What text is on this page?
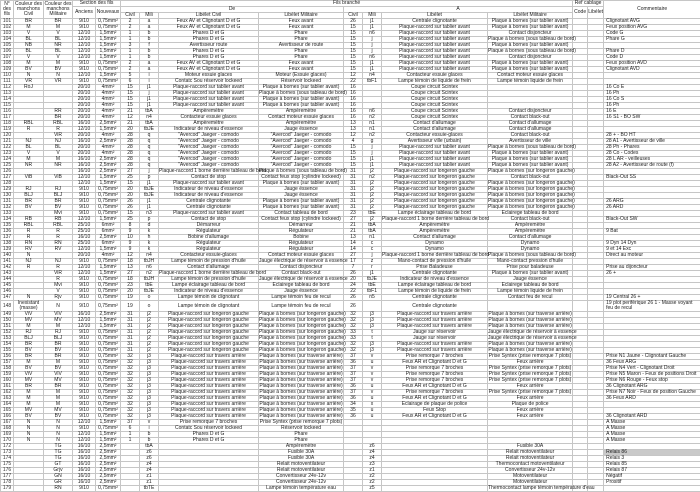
N° des fils	Couleur des manchons Civil	Couleur des manchons Militaire	Section des fils		Fils branché								Ref cablage		Commentaire
			Anciens	Nouveaux	De				A				Code	Libélet	
					Civil	Mili	Libélet Civil	Libélet Militaire	Civil	Mili	Libélet	Libélet Militaire			
101	BR	BR	9/10	0,75mm²	2	a	Feux AV et Clignotant D et G	Feux avant	26	j1	Centrale clignotante	Plaque à bornes (sur tablier avant)			Clignotant AVG
102	M	M	9/10	0,75mm²	2	a	Feux AV et Clignotant D et G	Feux avant	15	j1	Plaque-raccord sur tablier avant	Plaque à bornes (sur tablier avant)			Feux position AVG
103	V	V	12/10	1,5mm²	1	b	Phares D et G	Phare	15	n6	Plaque-raccord sur tablier avant	Contact disjoncteur			Code G
104	BL	BL	12/10	1,5mm²	1	b	Phares D et G	Phare	15	j	Plaque-raccord sur tablier avant	Plaque à bornes (sous tableau de bord)			Phare G
105	NB	NR	12/10	1,5mm²	3	f	Avertisseur route	Avertisseur de route	15	j	Plaque-raccord sur tablier avant	Plaque à bornes (sur tablier avant)			
106	BL	BL	12/10	1,5mm²	1	b	Phares D et G	Phare	15	j	Plaque-raccord sur tablier avant	Plaque à bornes (sous tableau de bord)			Phare D
107	V	V	12/10	1,5mm²	1	b	Phares D et G	Phare	15	n6	Plaque-raccord sur tablier avant	Contact disjoncteur			Code D
108	M	M	9/10	0,75mm²	2	a	Feux AV et Clignotant D et G	Feux avant	15	j1	Plaque-raccord sur tablier avant	Plaque à bornes (sur tablier avant)			Feux position AVD
109	BV	BV	9/10	0,75mm²	2	a	Feux AV et Clignotant D et G	Feux avant	15	j1	Plaque-raccord sur tablier avant	Plaque à bornes (sur tablier avant)			Clignotant AVD
110	N	N	12/10	1,5mm²	5	i	Moteur essuie glaces	Moteur (Essuie glaces)	12	n4	Contacteur essuie glaces	Contact moteur essuie glaces			
111	VR	VR	9/10	0,75mm²	6	i	Contatc Sou réservoir lockeed	Réservoir lockeed	22	tbF1	Lampe témoin de liquide de frein	Lampe témoin liquide de frein			
112	RoJ		20/10	4mm²	15	j1	Plaque-raccord sur tablier avant	Plaque à bornes (sur tablier avant)	16		Coupe circuit Scintex				16 Co E
113			20/10	4mm²	15	j	Plaque-raccord sur tablier avant	Plaque à bornes (sous tableau de bord)	16		Coupe circuit Scintex				16 Ph
114			20/10	4mm²	15	j1	Plaque-raccord sur tablier avant	Plaque à bornes (sur tablier avant)	16		Coupe circuit Scintex				16 Co S
115			20/10	4mm²	15	j1	Plaque-raccord sur tablier avant	Plaque à bornes (sur tablier avant)	16		Coupe circuit Scintex				16 Ph
116		RR	20/10	4mm²	21	tbA	Ampèremètre	Ampèremètre	16	n6	Coupe circuit Scintex	Contact disjoncteur			16 E
117		BR	20/10	4mm²	12	n4	Contacteur essuie glaces	Contact moteur essuie glaces	16	n2	Coupe circuit Scintex	Contact black-out			16 S1 - BO SW
118	RBL	RBL	16/10	2,5mm²	21	tbA	Ampèremètre	Ampèremètre	13	n1	Contact d'allumage	Contact d'allumage			
119	R	R	12/10	1,5mm²	20	tbJE	Indicateur de niveau d'essence	Jauge éssence	13	n1	Contact d'allumage	Contact d'allumage			
120		ViR	20/10	4mm²	28	q	"Avercod" Jaeger - comodo	"Avercod" Jaeger - comodo	12	n2	Contacteur essuie-glaces	Contact black-out			28 + - BO HT
121	NJ	NJ	16/10	2,5mm²	28	q	"Avercod" Jaeger - comodo	"Avercod" Jaeger - comodo	4	g	Avertisseur ville (urbain)	Avertisseur de ville			28 A1 - Avertisseur de ville
122	BL	BL	20/10	4mm²	28	q	"Avercod" Jaeger - comodo	"Avercod" Jaeger - comodo	15	j	Plaque-raccord sur tablier avant	Plaque à bornes (sous tableau de bord)			28 Ph - Phares
123	V	V	20/10	4mm²	28	q	"Avercod" Jaeger - comodo	"Avercod" Jaeger - comodo	15	j	Plaque-raccord sur tablier avant	Plaque à bornes (sur tablier avant)			28 Co - Codes
124	M	M	16/10	2,5mm²	28	q	"Avercod" Jaeger - comodo	"Avercod" Jaeger - comodo	15	j1	Plaque-raccord sur tablier avant	Plaque à bornes (sur tablier avant)			28 L AR - veilleuses
125	NR	NR	16/10	2,5mm²	28	q	"Avercod" Jaeger - comodo	"Avercod" Jaeger - comodo	15	j1	Plaque-raccord sur tablier avant	Plaque à bornes (sur tablier avant)			28 A2 - Avertisseur de route (f)
126			16/10	2,5mm²	27	j	Plaque-raccord 1 borne derrière tableau de bord	Plaque à bornes (sous tableau de bord)	31	j2	Plaque-raccord sur longeron gauche	Plaque à bornes (sur longeron gauche)			
127	ViB	ViB	12/10	1,5mm²	25	p	Contact de stop	Contact feux stop (cylindre lockeed)	31	n2	Plaque-raccord sur longeron gauche	Contact black-out			Black-Out SS
128			12/10	1,5mm²	15	j1	Plaque-raccord sur tablier avant	Plaque à bornes (sur tablier avant)	31	j2	Plaque-raccord sur longeron gauche	Plaque à bornes (sur longeron gauche)			
129	RJ	RJ	9/10	0,75mm²	20	tbJE	Indicateur de niveau d'essence	Jauge éssence	31	j2	Plaque-raccord sur longeron gauche	Plaque à bornes (sur longeron gauche)			
130	BLJ	BLJ	9/10	0,75mm²	20	tbJE	Indicateur de niveau d'essence	Jauge éssence	31	j2	Plaque-raccord sur longeron gauche	Plaque à bornes (sur longeron gauche)			
131	BR	BR	9/10	0,75mm²	26	j1	Centrale clignotante	Plaque à bornes (sur tablier avant)	31	j2	Plaque-raccord sur longeron gauche	Plaque à bornes (sur longeron gauche)			26 ARG
132	BV	BV	9/10	0,75mm²	26	j1	Centrale clignotante	Plaque à bornes (sur tablier avant)	31	j2	Plaque-raccord sur longeron gauche	Plaque à bornes (sur longeron gauche)			26 ARD
133		Mvi	9/10	0,75mm²	15	n3	Plaque-raccord sur tablier avant	Contact tableau de bord	23	tbE	Lampe éclairage tableau de bord	Eclairege tableau de bord			
134	RB	RB	12/10	1,5mm²	25	p	Contact de stop	Contact feux stop (cylindre lockeed)	27	j2	Plaque-raccord 1 borne derrière tableau de bord	Contact black-out			Black-Out SW
135	RBL	RBL	25/10	6mm²	8	d	Démarreur	Démarreur	21	tbA	Ampèremètre	Ampèremètre			
136	R	R	25/10	6mm²	9	k	Régulateur	Régulateur	21	tbA	Ampèremètre	Ampèremètre			9 Bat
137	R	R	16/10	2,5mm²	10	h	Bobine d'allumage	Bobine	13	n1	Contact d'allumage	Contact d'allumage			
138	RN	RN	25/10	6mm²	9	k	Régulateur	Régulateur	14	c	Dynamo	Dynamo			9 Dyn 14 Dyn
139	RV	RV	12/10	1,5mm²	9	k	Régulateur	Régulateur	14	c	Dynamo	Dynamo			9 et 14 Exc
140	N		20/10	4mm²	12	n4	Contacteur essuie-glaces	Contact moteur essuie glaces	27	j	Plaque-raccord 1 borne derrière tableau de bord	Plaque à bornes (sous tableau de bord)			Direct au moteur
141	NJ	NJ	9/10	0,75mm²	18	tbJH	Lampe témoin de pression d'huile	Jauge électrique de réservoir à essence	17	z	Mano-contact de pression d'huile	Mano-contact pression d'huile			
142	R	R	12/10	1,5mm²	13	n6	Contact d'allumage	Contact disjoncteur	7	r	Prise Baladeuse	Prise pour baladeuse			Prise au dijoncteur
143		ViR	12/10	1,5mm²	27	n2	Plaque-raccord 1 borne derrière tableau de bord	Contact black-out	26	j1	Centrale clignotante	Plaque à bornes (sur tablier avant)			26 +
144		R	9/10	0,75mm²	18	tbJH	Lampe témoin de pression d'huile	Jauge électrique de réservoir à essence	20	tbJE	Indicateur de niveau d'essence	Jauge éssence			
145		Mvi	9/10	0,75mm²	23	tbE	Lampe éclairage tableau de bord	Eclairege tableau de bord	24	tbE	Lampe éclairage tableau de bord	Eclairege tableau de bord			
146		V	9/10	0,75mm²	20	tbJE	Indicateur de niveau d'essence	Jauge éssence	22	tbF1	Lampe témoin de liquide de frein	Lampe témoin liquide de frein			
147	N	Rjv	9/10	0,75mm²	19	o	Lampe témoin de clignotant	Lampe témoin feu de recul	26	n5	Centrale clignotante	Contact feu de recul			19 Central 26 +
148	Inexistant (masse)	N	9/10	0,75mm²	19	o	Lampe témoin de clignotant	Lampe témoin feu de recul	26		Centrale clignotante				19 plot perifèrique 26 1 - Masse voyant feu de recul
149	ViV	ViV	16/10	2,5mm²	31	j2	Plaque-raccord sur longeron gauche	Plaque à bornes (sur longeron gauche)	32	j3	Plaque-raccord sur travers arrière	Plaque à bornes (sur traverse arrière)			
150	MV	MV	12/10	1,5mm²	31	j2	Plaque-raccord sur longeron gauche	Plaque à bornes (sur longeron gauche)	32	j3	Plaque-raccord sur travers arrière	Plaque à bornes (sur traverse arrière)			
151	M	M	12/10	1,5mm²	31	j2	Plaque-raccord sur longeron gauche	Plaque à bornes (sur longeron gauche)	32	j3	Plaque-raccord sur travers arrière	Plaque à bornes (sur traverse arrière)			
152	RJ	RJ	9/10	0,75mm²	31	j2	Plaque-raccord sur longeron gauche	Plaque à bornes (sur longeron gauche)	33	t	Jauge sur réservoir	Jauge électrique de réservoir à essence			
153	BLJ	BLJ	9/10	0,75mm²	31	j2	Plaque-raccord sur longeron gauche	Plaque à bornes (sur longeron gauche)	33	t	Jauge sur réservoir	Jauge électrique de réservoir à essence			
154	BR	BR	9/10	0,75mm²	31	j2	Plaque-raccord sur longeron gauche	Plaque à bornes (sur longeron gauche)	32	j3	Plaque-raccord sur travers arrière	Plaque à bornes (sur traverse arrière)			
155	BV	BV	9/10	0,75mm²	31	j2	Plaque-raccord sur longeron gauche	Plaque à bornes (sur longeron gauche)	32	j3	Plaque-raccord sur travers arrière	Plaque à bornes (sur traverse arrière)			
156	BR	BR	9/10	0,75mm²	32	j3	Plaque-raccord sur travers arrière	Plaque à bornes (sur traverse arrière)	37	v	Prise remorque 7 broches	Prise Syntex (prise remorque 7 plots)			Prise N1 Jaune - Clignotant Gauche
157	M	M	9/10	0,75mm²	32	j3	Plaque-raccord sur travers arrière	Plaque à bornes (sur traverse arrière)	36	u	Feux AR et Clignotant D et G	Feux arrière			36 Feux ARG
158	BV	BV	9/10	0,75mm²	32	j3	Plaque-raccord sur travers arrière	Plaque à bornes (sur traverse arrière)	37	v	Prise remorque 7 broches	Prise Syntex (prise remorque 7 plots)			Prise N4 Vert - Clignotant Droit
159	ViV	ViV	9/10	0,75mm²	32	j3	Plaque-raccord sur travers arrière	Plaque à bornes (sur traverse arrière)	37	v	Prise remorque 7 broches	Prise Syntex (prise remorque 7 plots)			Prise N5 Maron - Feux de positions Droit
160	MV	MV	9/10	0,75mm²	32	j3	Plaque-raccord sur travers arrière	Plaque à bornes (sur traverse arrière)	37	v	Prise remorque 7 broches	Prise Syntex (prise remorque 7 plots)			Prise N6 Rouge - Feux stop
161	BR	BR	9/10	0,75mm²	32	j3	Plaque-raccord sur travers arrière	Plaque à bornes (sur traverse arrière)	36	u	Feux AR et Clignotant D et G	Feux arrière			36 Clignotant ARG
162	M	M	9/10	0,75mm²	32	j3	Plaque-raccord sur travers arrière	Plaque à bornes (sur traverse arrière)	37	v	Prise remorque 7 broches	Prise Syntex (prise remorque 7 plots)			Prise N7 Noir - Feux de position Gauche
163	M	M	9/10	0,75mm²	32	j3	Plaque-raccord sur travers arrière	Plaque à bornes (sur traverse arrière)	36	u	Feux AR et Clignotant D et G	Feux arrière			36 Feux ARD
164	M	M	9/10	0,75mm²	32	j3	Plaque-raccord sur travers arrière	Plaque à bornes (sur traverse arrière)	34	x	Eclairage de plaque de police	Plaque de police			
165	MV	MV	9/10	0,75mm²	32	j3	Plaque-raccord sur travers arrière	Plaque à bornes (sur traverse arrière)	35	u	Feux Stop	Feux arrière			
166	BV	BV	9/10	0,75mm²	32	j3	Plaque-raccord sur travers arrière	Plaque à bornes (sur traverse arrière)	36	u	Feux AR et Clignotant D et G	Feux arrière			36 Clignotant ARD
167	N	N	12/10	1,5mm²	37	v	Prise remorque 7 broches	Prise Syntex (prise remorque 7 plots)							A Masse
168	N	N	9/10	0,75mm²	6	i	Contatc Sou réservoir lockeed	Réservoir lockeed							A Masse
169	N	N	12/10	1,5mm²	1	b	Phares D et G	Phare							A Masse
170	N	N	12/10	1,5mm²	1	b	Phares D et G	Phare							A Masse
172		TG	16/10	2,5mm²		tbA		Ampèremètre		z6		Fusible 30A			
173		TG	16/10	2,5mm²		z6		Fusible 30A		z4		Relait motoventilateur			Relais 86
174		TG	16/10	2,5mm²		z6		Fusible 30A		z4		Relait motoventilateur			Relais 3
175		GT	16/10	2,5mm²		z4		Relait motoventilateur		z3		Thermocontact motoventilateur			Relais 85
176		Grjv	16/10	2,5mm²		z4		Relait motoventilateur		z1		Convertisseur 24v-12v			Relais 87
177		GN	16/10	2,5mm²		z1		Convertisseur 24v-12v		z2		Motoventilateur			Négatif
178		GR	16/10	2,5mm²		z1		Convertisseur 24v-12v		z2		Motoventilateur			Prositif
179		RN	9/10	0,75mm²		tbTE		Lampe témoin température eau		z5		Thermocontact lampe témoin température d'eau			
